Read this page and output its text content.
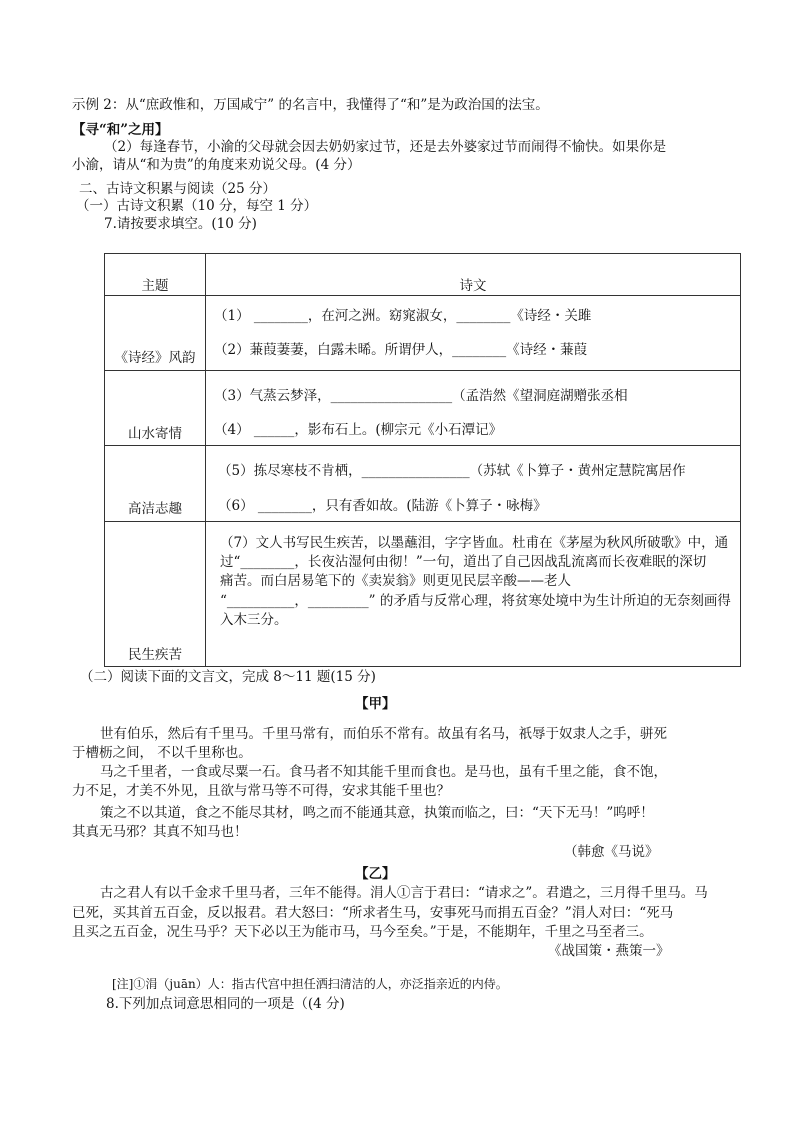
示例 2：从“庶政惟和，万国咸宁” 的名言中，我懂得了“和”是为政治国的法宝。
【寻“和”之用】
（2）每逢春节，小渝的父母就会因去奶奶家过节，还是去外婆家过节而闹得不愉快。如果你是
小渝，请从“和为贵”的角度来劝说父母。(4 分）
二、古诗文积累与阅读（25 分）
（一）古诗文积累（10 分，每空 1 分）
7.请按要求填空。(10 分)
主题	诗文

《诗经》风韵	（1） ________，在河之洲。窈窕淑女，________《诗经・关雎
（2）蒹葭萋萋，白露未晞。所谓伊人，________《诗经・蒹葭

山水寄情	（3）气蒸云梦泽，__________________（孟浩然《望洞庭湖赠张丞相
（4） ______，影布石上。(柳宗元《小石潭记》

高洁志趣	（5）拣尽寒枝不肯栖，________________（苏轼《卜算子・黄州定慧院寓居作
（6） ________，只有香如故。(陆游《卜算子・咏梅》

民生疾苦	（7）文人书写民生疾苦，以墨蘸泪，字字皆血。杜甫在《茅屋为秋风所破歌》中，通
过“________，长夜沾湿何由彻！”一句，道出了自己因战乱流离而长夜难眠的深切
痛苦。而白居易笔下的《卖炭翁》则更见民层辛酸——老人
“__________，_________” 的矛盾与反常心理，将贫寒处境中为生计所迫的无奈刻画得
入木三分。
（二）阅读下面的文言文，完成 8～11 题(15 分)
【甲】
世有伯乐，然后有千里马。千里马常有，而伯乐不常有。故虽有名马，祇辱于奴隶人之手，骈死
于槽枥之间， 不以千里称也。
马之千里者，一食或尽粟一石。食马者不知其能千里而食也。是马也，虽有千里之能，食不饱，
力不足，才美不外见，且欲与常马等不可得，安求其能千里也？
策之不以其道，食之不能尽其材，鸣之而不能通其意，执策而临之，曰：“天下无马！”呜呼！
其真无马邪？其真不知马也！
（韩愈《马说》
【乙】
古之君人有以千金求千里马者，三年不能得。涓人①言于君曰：“请求之”。君遣之，三月得千里马。马
已死，买其首五百金，反以报君。君大怒曰：“所求者生马，安事死马而捐五百金？”涓人对曰：“死马
且买之五百金，况生马乎？天下必以王为能市马，马今至矣。”于是，不能期年，千里之马至者三。
《战国策・燕策一》
[注]①涓（juān）人：指古代宫中担任洒扫清洁的人，亦泛指亲近的内侍。
8.下列加点词意思相同的一项是（(4 分)
